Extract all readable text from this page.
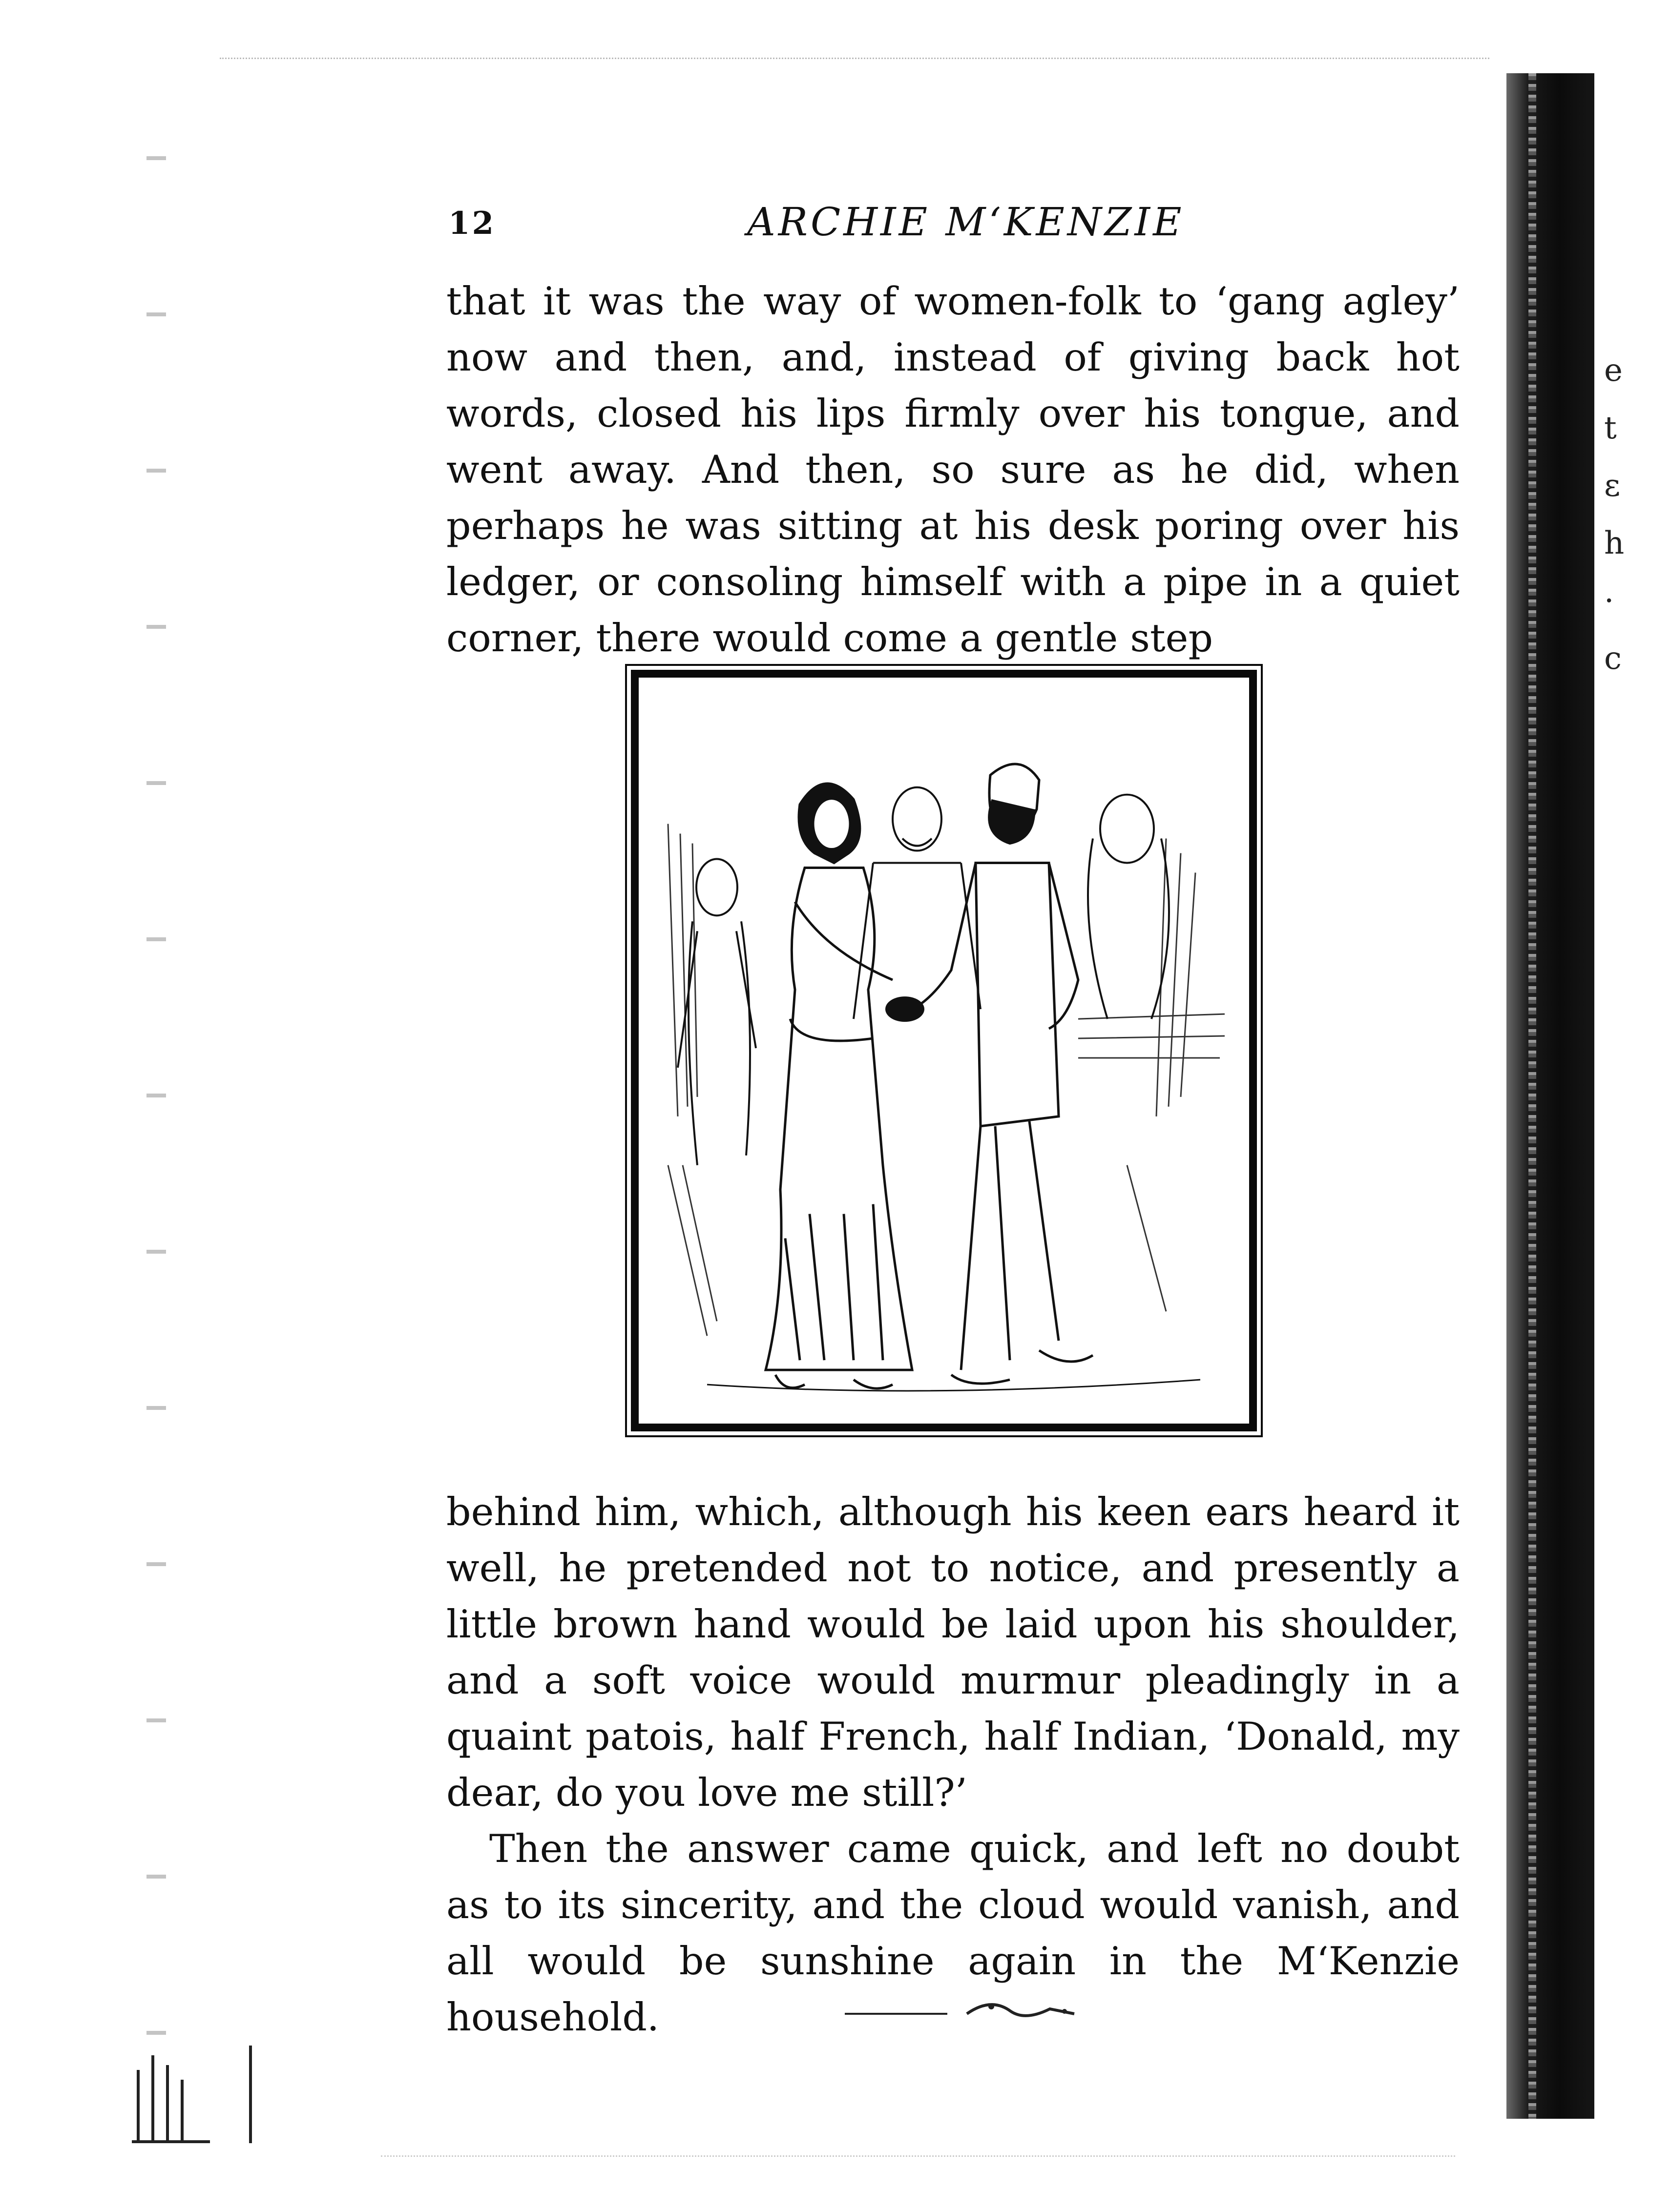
12	ARCHIE M‘KENZIE

that it was the way of women-folk to ‘gang agley’ now and then, and, instead of giving back hot words, closed his lips firmly over his tongue, and went away. And then, so sure as he did, when perhaps he was sitting at his desk poring over his ledger, or consoling himself with a pipe in a quiet corner, there would come a gentle step

behind him, which, although his keen ears heard it well, he pretended not to notice, and presently a little brown hand would be laid upon his shoulder, and a soft voice would murmur pleadingly in a quaint patois, half French, half Indian, ‘Donald, my dear, do you love me still?’

Then the answer came quick, and left no doubt as to its sincerity, and the cloud would vanish, and all would be sunshine again in the M‘Kenzie household.

e
t
ε
h
·
c
